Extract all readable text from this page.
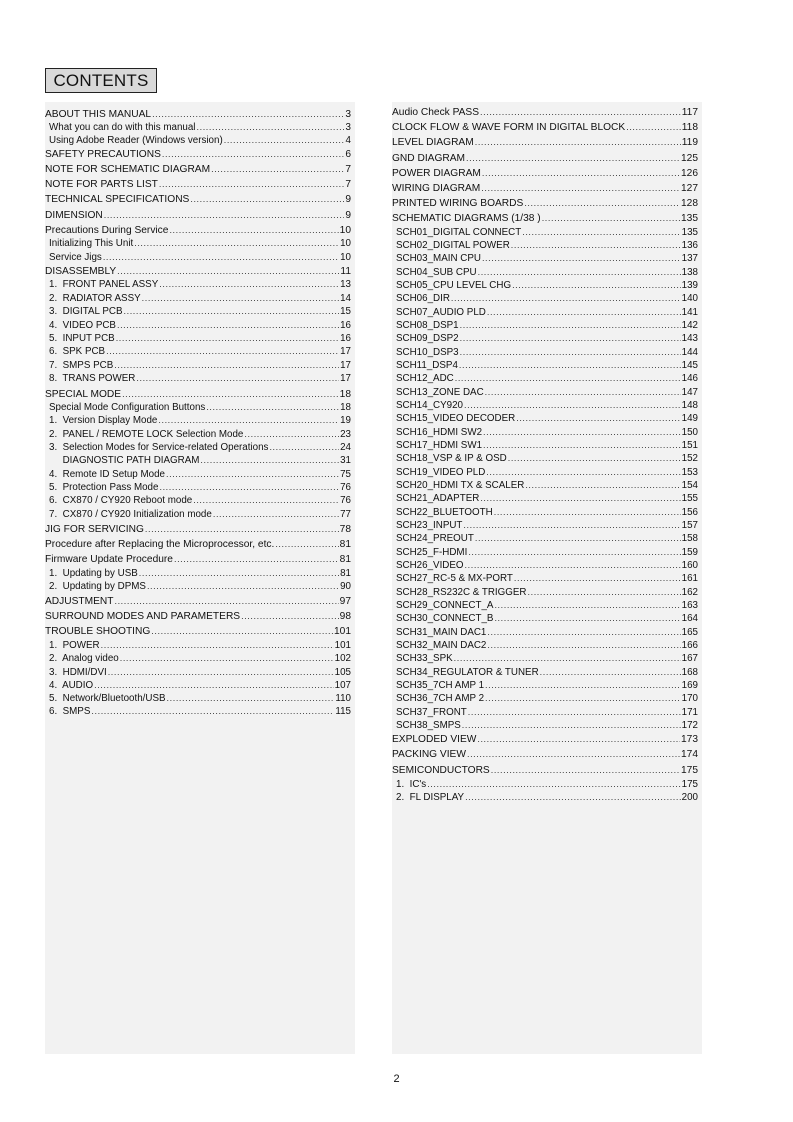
CONTENTS
ABOUT THIS MANUAL .....	3
What you can do with this manual .....	3
Using Adobe Reader (Windows version) .....	4
SAFETY PRECAUTIONS .....	6
NOTE FOR SCHEMATIC DIAGRAM .....	7
NOTE FOR PARTS LIST .....	7
TECHNICAL SPECIFICATIONS .....	9
DIMENSION .....	9
Precautions During Service .....	10
Initializing This Unit .....	10
Service Jigs .....	10
DISASSEMBLY .....	11
1.  FRONT PANEL ASSY .....	13
2.  RADIATOR ASSY .....	14
3.  DIGITAL PCB .....	15
4.  VIDEO PCB .....	16
5.  INPUT PCB .....	16
6.  SPK PCB .....	17
7.  SMPS PCB .....	17
8.  TRANS POWER .....	17
SPECIAL MODE .....	18
Special Mode Configuration Buttons .....	18
1.  Version Display Mode .....	19
2.  PANEL / REMOTE LOCK Selection Mode .....	23
3.  Selection Modes for Service-related Operations .....	24
DIAGNOSTIC PATH DIAGRAM .....	31
4.  Remote ID Setup Mode .....	75
5.  Protection Pass Mode .....	76
6.  CX870 / CY920 Reboot mode .....	76
7.  CX870 / CY920 Initialization mode .....	77
JIG FOR SERVICING .....	78
Procedure after Replacing the Microprocessor, etc. .....	81
Firmware Update Procedure .....	81
1.  Updating by USB .....	81
2.  Updating by DPMS .....	90
ADJUSTMENT .....	97
SURROUND MODES AND PARAMETERS .....	98
TROUBLE SHOOTING .....	101
1.  POWER .....	101
2.  Analog video .....	102
3.  HDMI/DVI .....	105
4.  AUDIO .....	107
5.  Network/Bluetooth/USB .....	110
6.  SMPS .....	115
Audio Check PASS .....	117
CLOCK FLOW & WAVE FORM IN DIGITAL BLOCK .....	118
LEVEL DIAGRAM .....	119
GND DIAGRAM .....	125
POWER DIAGRAM .....	126
WIRING DIAGRAM .....	127
PRINTED WIRING BOARDS .....	128
SCHEMATIC DIAGRAMS (1/38 ) .....	135
SCH01_DIGITAL CONNECT .....	135
SCH02_DIGITAL POWER .....	136
SCH03_MAIN CPU .....	137
SCH04_SUB CPU .....	138
SCH05_CPU LEVEL CHG .....	139
SCH06_DIR .....	140
SCH07_AUDIO PLD .....	141
SCH08_DSP1 .....	142
SCH09_DSP2 .....	143
SCH10_DSP3 .....	144
SCH11_DSP4 .....	145
SCH12_ADC .....	146
SCH13_ZONE DAC .....	147
SCH14_CY920 .....	148
SCH15_VIDEO DECODER .....	149
SCH16_HDMI SW2 .....	150
SCH17_HDMI SW1 .....	151
SCH18_VSP & IP & OSD .....	152
SCH19_VIDEO PLD .....	153
SCH20_HDMI TX & SCALER .....	154
SCH21_ADAPTER .....	155
SCH22_BLUETOOTH .....	156
SCH23_INPUT .....	157
SCH24_PREOUT .....	158
SCH25_F-HDMI .....	159
SCH26_VIDEO .....	160
SCH27_RC-5 & MX-PORT .....	161
SCH28_RS232C & TRIGGER .....	162
SCH29_CONNECT_A .....	163
SCH30_CONNECT_B .....	164
SCH31_MAIN DAC1 .....	165
SCH32_MAIN DAC2 .....	166
SCH33_SPK .....	167
SCH34_REGULATOR & TUNER .....	168
SCH35_7CH AMP 1 .....	169
SCH36_7CH AMP 2 .....	170
SCH37_FRONT .....	171
SCH38_SMPS .....	172
EXPLODED VIEW .....	173
PACKING VIEW .....	174
SEMICONDUCTORS .....	175
1.  IC's .....	175
2.  FL DISPLAY .....	200
2
